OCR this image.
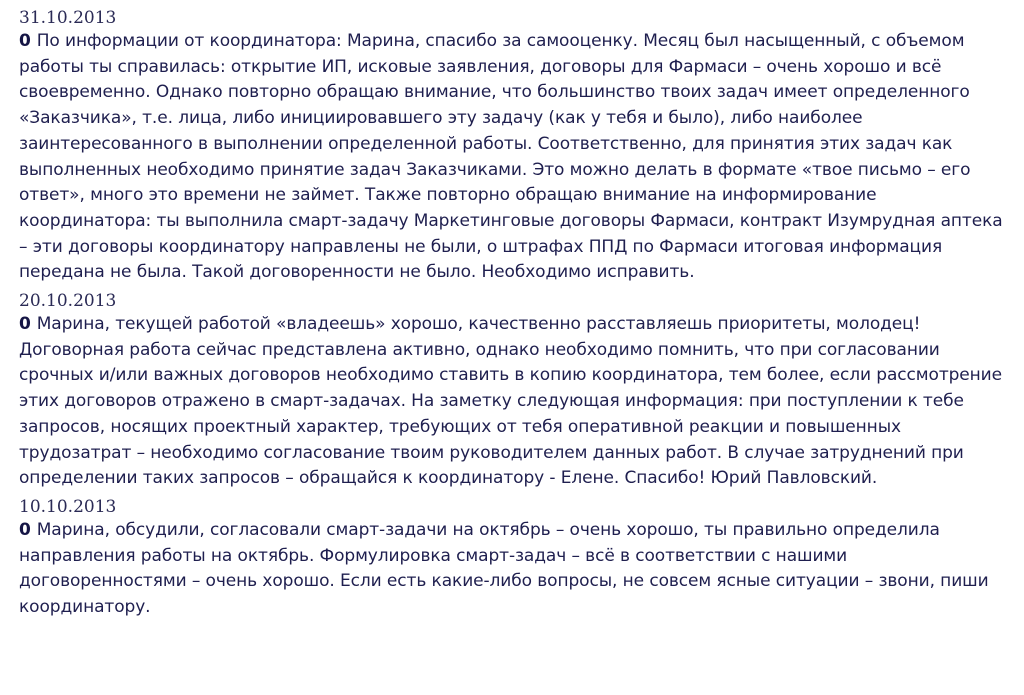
31.10.2013

0 По информации от координатора: Марина, спасибо за самооценку. Месяц был насыщенный, с объемом работы ты справилась: открытие ИП, исковые заявления, договоры для Фармаси – очень хорошо и всё своевременно. Однако повторно обращаю внимание, что большинство твоих задач имеет определенного «Заказчика», т.е. лица, либо инициировавшего эту задачу (как у тебя и было), либо наиболее заинтересованного в выполнении определенной работы. Соответственно, для принятия этих задач как выполненных необходимо принятие задач Заказчиками. Это можно делать в формате «твое письмо – его ответ», много это времени не займет. Также повторно обращаю внимание на информирование координатора: ты выполнила смарт-задачу Маркетинговые договоры Фармаси, контракт Изумрудная аптека – эти договоры координатору направлены не были, о штрафах ППД по Фармаси итоговая информация передана не была. Такой договоренности не было. Необходимо исправить.

20.10.2013

0 Марина, текущей работой «владеешь» хорошо, качественно расставляешь приоритеты, молодец! Договорная работа сейчас представлена активно, однако необходимо помнить, что при согласовании срочных и/или важных договоров необходимо ставить в копию координатора, тем более, если рассмотрение этих договоров отражено в смарт-задачах. На заметку следующая информация: при поступлении к тебе запросов, носящих проектный характер, требующих от тебя оперативной реакции и повышенных трудозатрат – необходимо согласование твоим руководителем данных работ. В случае затруднений при определении таких запросов – обращайся к координатору - Елене. Спасибо! Юрий Павловский.

10.10.2013

0 Марина, обсудили, согласовали смарт-задачи на октябрь – очень хорошо, ты правильно определила направления работы на октябрь. Формулировка смарт-задач – всё в соответствии с нашими договоренностями – очень хорошо. Если есть какие-либо вопросы, не совсем ясные ситуации – звони, пиши координатору.
